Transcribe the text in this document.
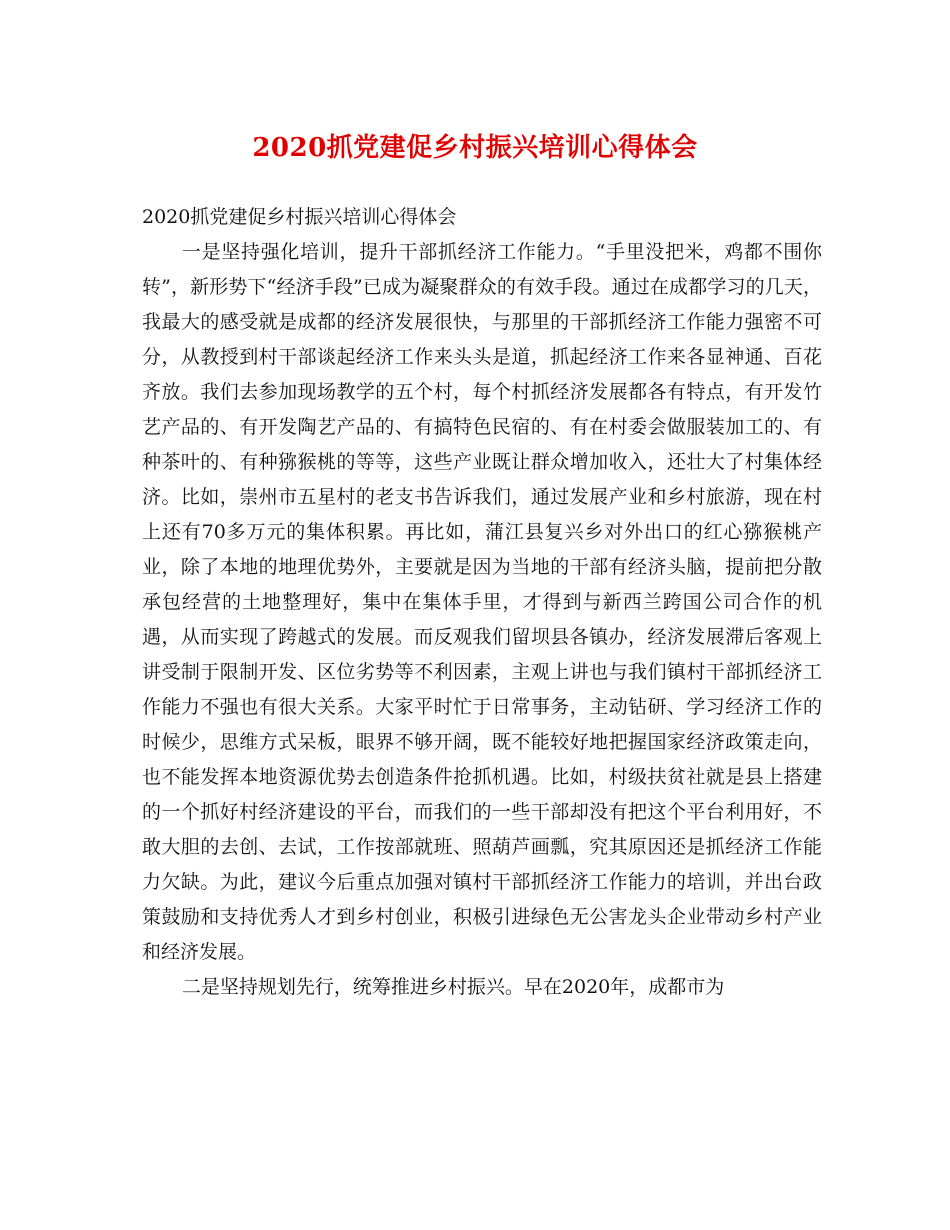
2020抓党建促乡村振兴培训心得体会

2020抓党建促乡村振兴培训心得体会

一是坚持强化培训，提升干部抓经济工作能力。“手里没把米，鸡都不围你转”，新形势下“经济手段”已成为凝聚群众的有效手段。通过在成都学习的几天，我最大的感受就是成都的经济发展很快，与那里的干部抓经济工作能力强密不可分，从教授到村干部谈起经济工作来头头是道，抓起经济工作来各显神通、百花齐放。我们去参加现场教学的五个村，每个村抓经济发展都各有特点，有开发竹艺产品的、有开发陶艺产品的、有搞特色民宿的、有在村委会做服装加工的、有种茶叶的、有种猕猴桃的等等，这些产业既让群众增加收入，还壮大了村集体经济。比如，崇州市五星村的老支书告诉我们，通过发展产业和乡村旅游，现在村上还有70多万元的集体积累。再比如，蒲江县复兴乡对外出口的红心猕猴桃产业，除了本地的地理优势外，主要就是因为当地的干部有经济头脑，提前把分散承包经营的土地整理好，集中在集体手里，才得到与新西兰跨国公司合作的机遇，从而实现了跨越式的发展。而反观我们留坝县各镇办，经济发展滞后客观上讲受制于限制开发、区位劣势等不利因素，主观上讲也与我们镇村干部抓经济工作能力不强也有很大关系。大家平时忙于日常事务，主动钻研、学习经济工作的时候少，思维方式呆板，眼界不够开阔，既不能较好地把握国家经济政策走向，也不能发挥本地资源优势去创造条件抢抓机遇。比如，村级扶贫社就是县上搭建的一个抓好村经济建设的平台，而我们的一些干部却没有把这个平台利用好，不敢大胆的去创、去试，工作按部就班、照葫芦画瓢，究其原因还是抓经济工作能力欠缺。为此，建议今后重点加强对镇村干部抓经济工作能力的培训，并出台政策鼓励和支持优秀人才到乡村创业，积极引进绿色无公害龙头企业带动乡村产业和经济发展。

二是坚持规划先行，统筹推进乡村振兴。早在2020年，成都市为
